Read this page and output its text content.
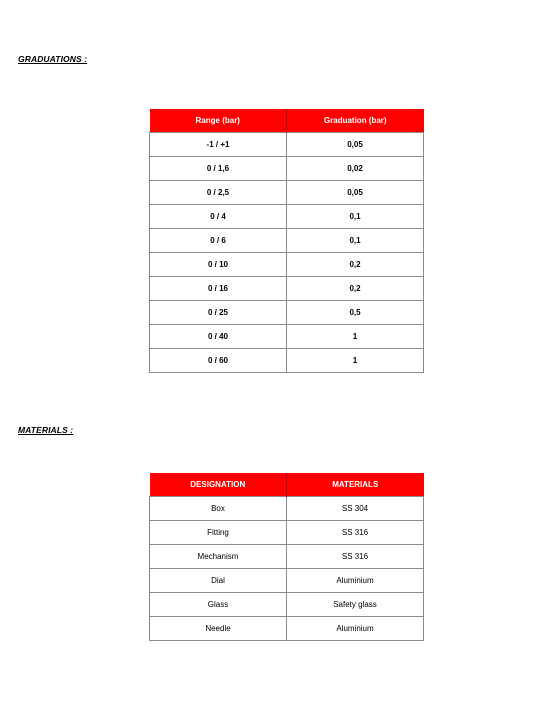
GRADUATIONS :
Range (bar)	Graduation (bar)
-1 / +1	0,05
0 / 1,6	0,02
0 / 2,5	0,05
0 / 4	0,1
0 / 6	0,1
0 / 10	0,2
0 / 16	0,2
0 / 25	0,5
0 / 40	1
0 / 60	1
MATERIALS :
DESIGNATION	MATERIALS
Box	SS 304
Fitting	SS 316
Mechanism	SS 316
Dial	Aluminium
Glass	Safety glass
Needle	Aluminium
